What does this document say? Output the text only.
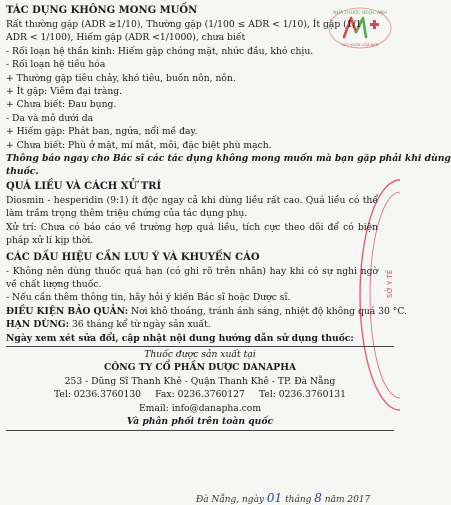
NHÀ THUỐC NGỌC ANH
SỨC KHỎE CỦA BẠN
SỞ Y TẾ
TÁC DỤNG KHÔNG MONG MUỐN
Rất thường gặp (ADR ≥1/10), Thường gặp (1/100 ≤ ADR < 1/10), Ít gặp (1/1
ADR < 1/100), Hiếm gặp (ADR <1/1000), chưa biết
- Rối loạn hệ thần kinh: Hiếm gặp chóng mặt, nhức đầu, khó chịu.
- Rối loạn hệ tiêu hóa
+ Thường gặp tiêu chảy, khó tiêu, buồn nôn, nôn.
+ Ít gặp: Viêm đại tràng.
+ Chưa biết: Đau bụng.
- Da và mô dưới da
+ Hiếm gặp: Phát ban, ngứa, nổi mề đay.
+ Chưa biết: Phù ở mặt, mí mắt, môi, đặc biệt phù mạch.
Thông báo ngay cho Bác sĩ các tác dụng không mong muốn mà bạn gặp phải khi dùng
thuốc.
QUÁ LIỀU VÀ CÁCH XỬ TRÍ
Diosmin - hesperidin (9:1) ít độc ngay cả khi dùng liều rất cao. Quá liều có thể làm trầm trọng thêm triệu chứng của tác dụng phụ.
Xử trí: Chưa có báo cáo về trường hợp quá liều, tích cực theo dõi để có biện pháp xử lí kịp thời.
CÁC DẤU HIỆU CẦN LƯU Ý VÀ KHUYẾN CÁO
- Không nên dùng thuốc quá hạn (có ghi rõ trên nhãn) hay khi có sự nghi ngờ về chất lượng thuốc.
- Nếu cần thêm thông tin, hãy hỏi ý kiến Bác sĩ hoặc Dược sĩ.
ĐIỀU KIỆN BẢO QUẢN: Nơi khô thoáng, tránh ánh sáng, nhiệt độ không quá 30 °C.
HẠN DÙNG: 36 tháng kể từ ngày sản xuất.
Ngày xem xét sửa đổi, cập nhật nội dung hướng dẫn sử dụng thuốc:
Thuốc được sản xuất tại
CÔNG TY CỔ PHẦN DƯỢC DANAPHA
253 - Dũng Sĩ Thanh Khê - Quận Thanh Khê - TP. Đà Nẵng
Tel: 0236.3760130 Fax: 0236.3760127 Tel: 0236.3760131
Email: info@danapha.com
Và phân phối trên toàn quốc
Đà Nẵng, ngày 01 tháng 8 năm 2017
